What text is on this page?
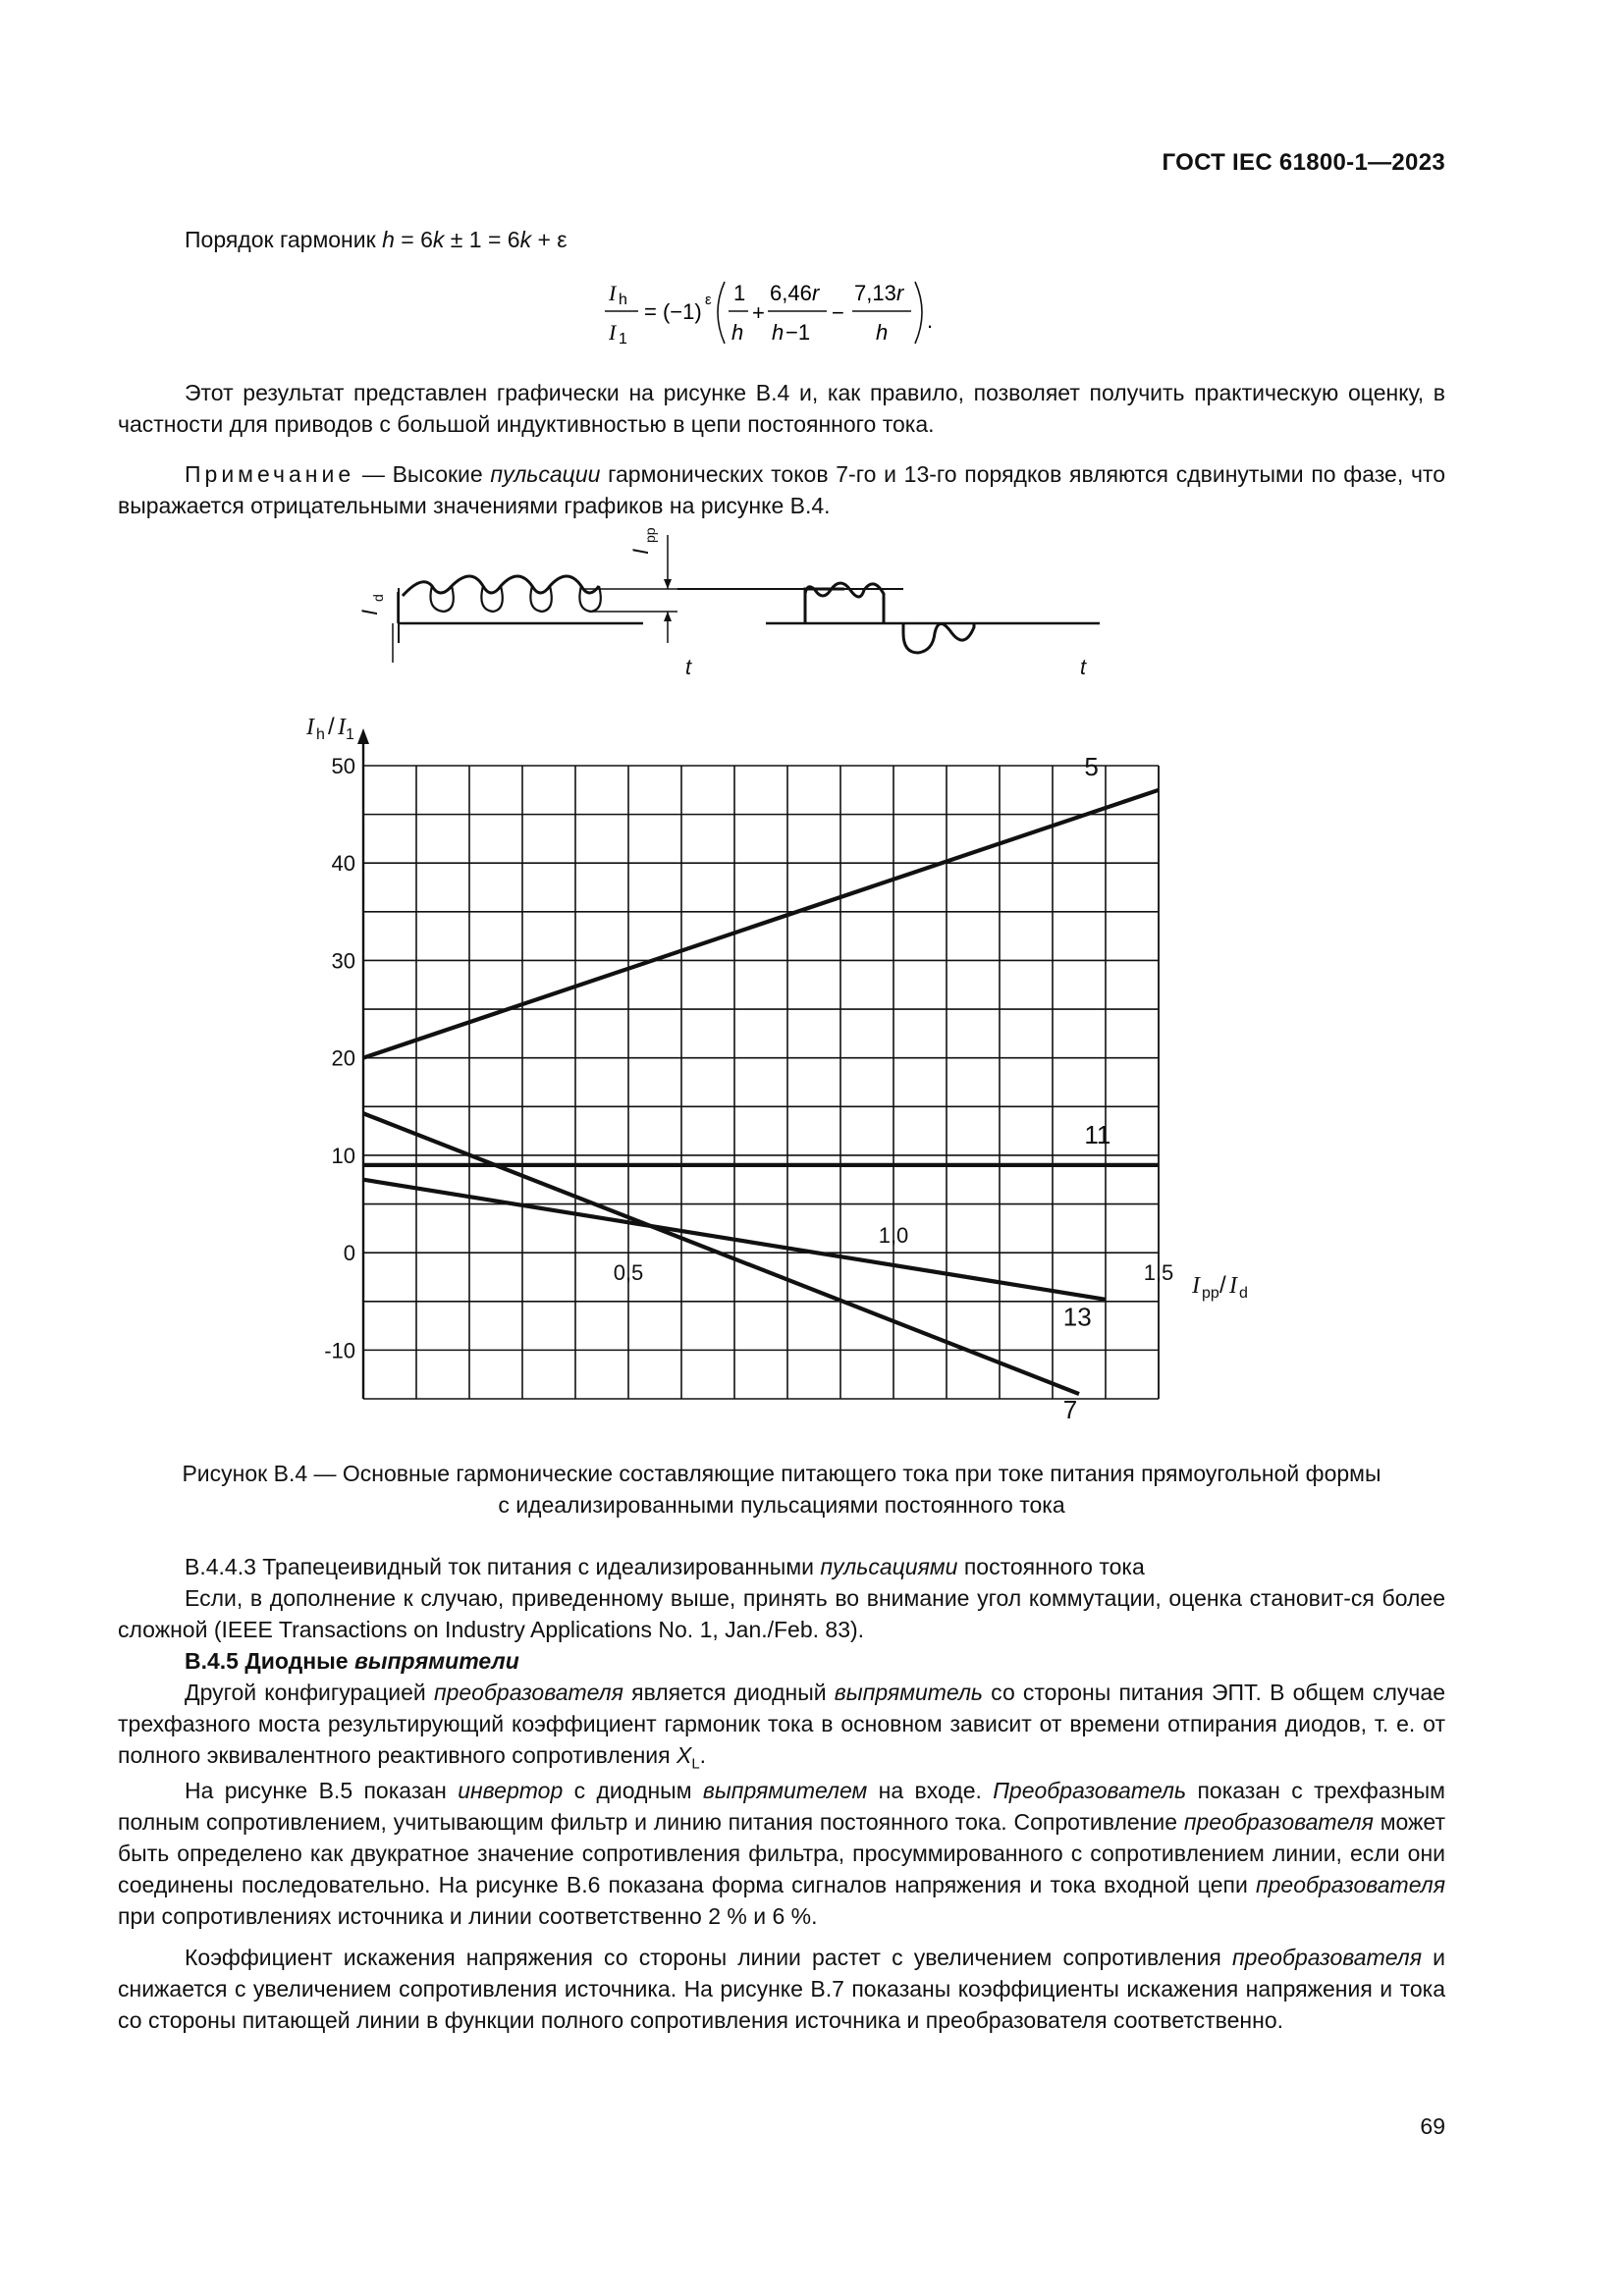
ГОСТ IEC 61800-1—2023
Порядок гармоник h = 6k ± 1 = 6k + ε
I h
I 1
= (−1) ε 1
h
+
6,46 r
h −1
−
7,13 r
h .

Этот результат представлен графически на рисунке В.4 и, как правило, позволяет получить практическую оценку, в частности для приводов с большой индуктивностью в цепи постоянного тока.

Примечание — Высокие пульсации гармонических токов 7-го и 13-го порядков являются сдвинутыми по фазе, что выражается отрицательными значениями графиков на рисунке В.4.

I
I
t	t
pp
d
5
11
13
7
50
40
30
20
10
0
-10
0,5
1,0
1,5
I h / I 1
I pp / I d
Рисунок В.4 — Основные гармонические составляющие питающего тока при токе питания прямоугольной формы
с идеализированными пульсациями постоянного тока

В.4.4.3 Трапецеивидный ток питания с идеализированными пульсациями постоянного тока

Если, в дополнение к случаю, приведенному выше, принять во внимание угол коммутации, оценка становит-ся более сложной (IEEE Transactions on Industry Applications No. 1, Jan./Feb. 83).

В.4.5 Диодные выпрямители

Другой конфигурацией преобразователя является диодный выпрямитель со стороны питания ЭПТ. В общем случае трехфазного моста результирующий коэффициент гармоник тока в основном зависит от времени отпирания диодов, т. е. от полного эквивалентного реактивного сопротивления $X_L$.

На рисунке В.5 показан инвертор с диодным выпрямителем на входе. Преобразователь показан с трехфазным полным сопротивлением, учитывающим фильтр и линию питания постоянного тока. Сопротивление преобразователя может быть определено как двукратное значение сопротивления фильтра, просуммированного с сопротивлением линии, если они соединены последовательно. На рисунке В.6 показана форма сигналов напряжения и тока входной цепи преобразователя при сопротивлениях источника и линии соответственно 2 % и 6 %.

Коэффициент искажения напряжения со стороны линии растет с увеличением сопротивления преобразователя и снижается с увеличением сопротивления источника. На рисунке В.7 показаны коэффициенты искажения напряжения и тока со стороны питающей линии в функции полного сопротивления источника и преобразователя соответственно.

69
